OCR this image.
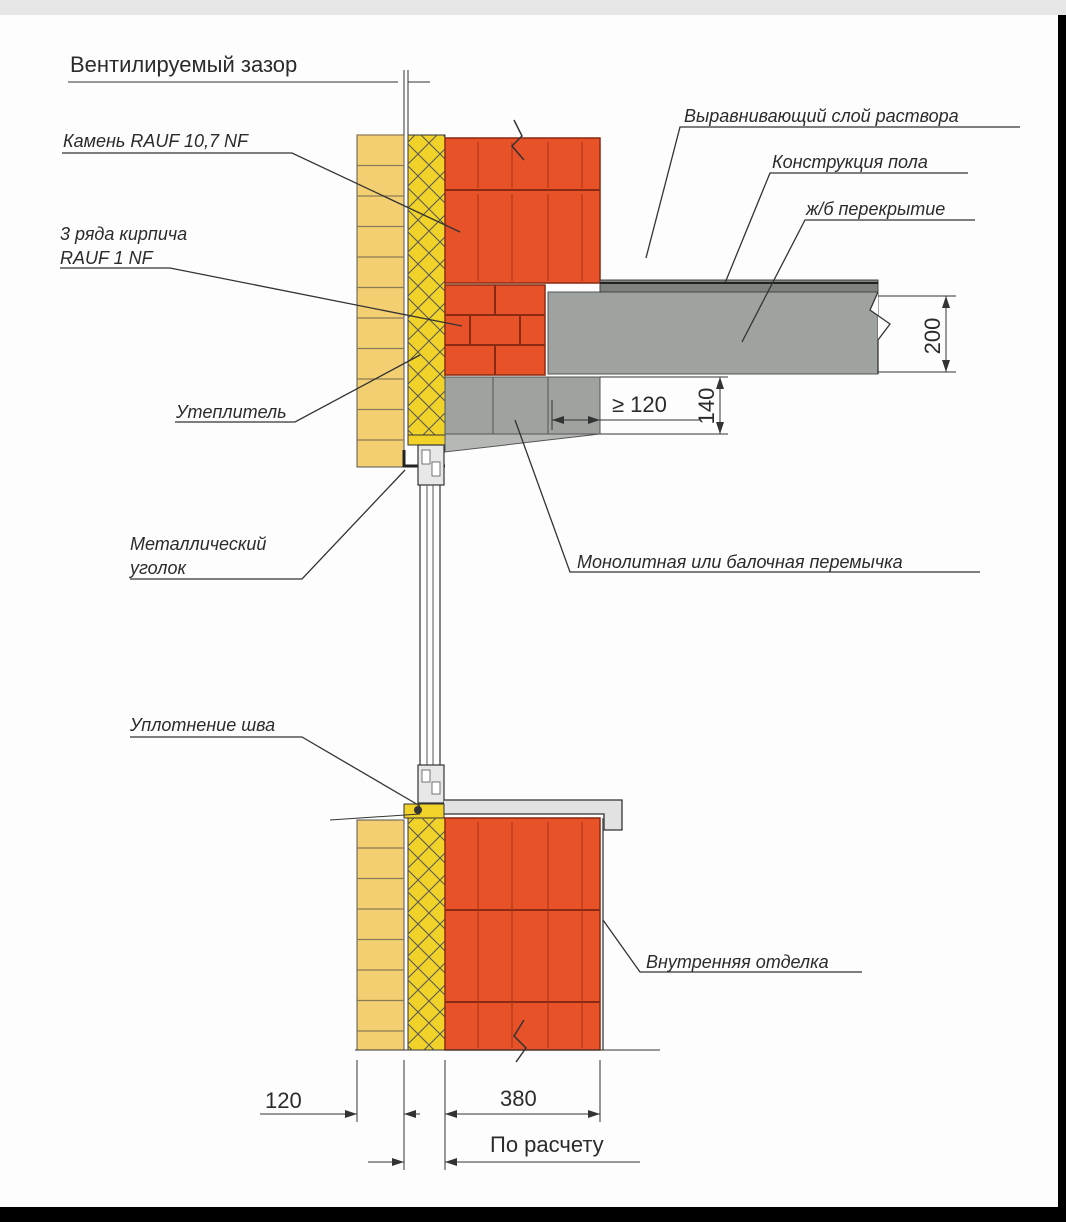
Вентилируемый зазор
Камень RAUF 10,7 NF
3 ряда кирпича
RAUF 1 NF
Утеплитель
Металлический
уголок
Уплотнение шва
Выравнивающий слой раствора
Конструкция пола
ж/б перекрытие
Монолитная или балочная перемычка
Внутренняя отделка
200
140
≥ 120
120	380
По расчету
